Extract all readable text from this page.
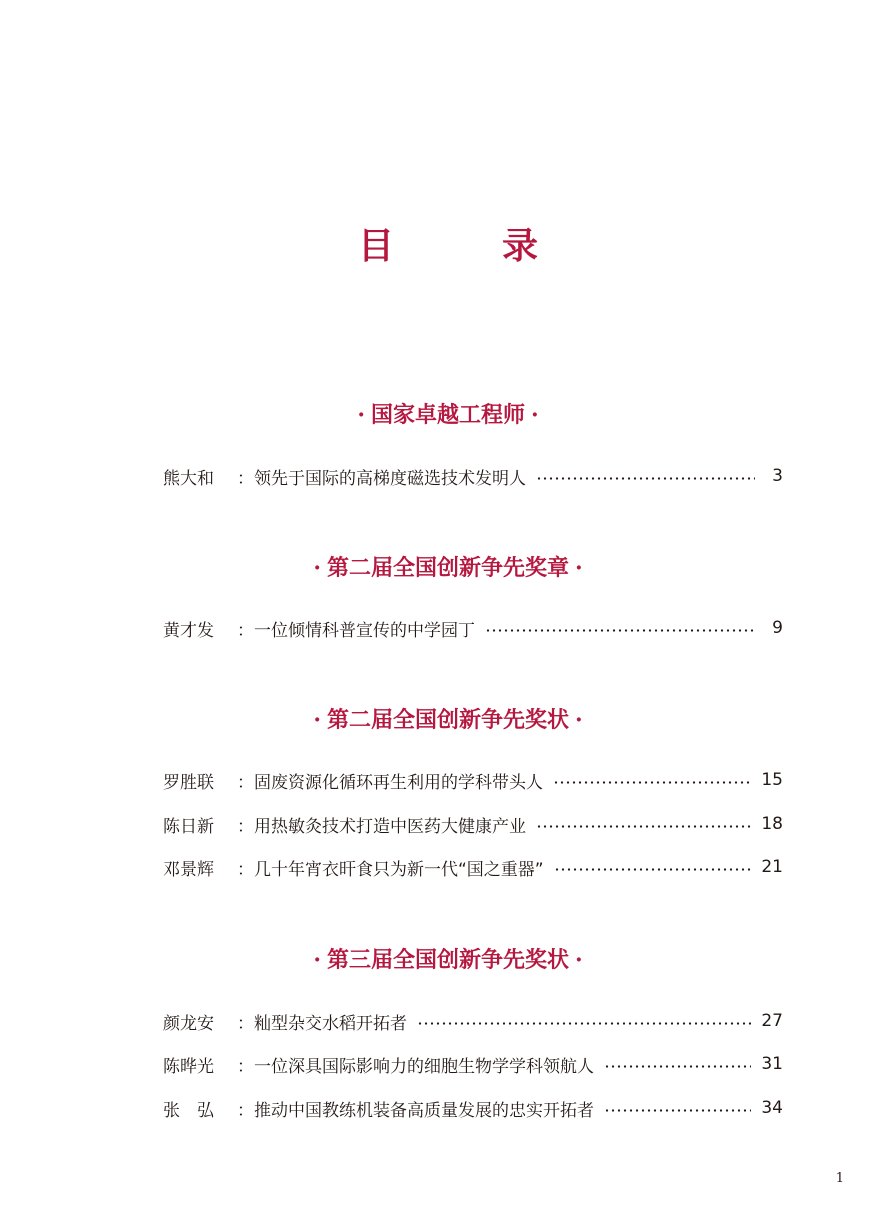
目　录
· 国家卓越工程师 ·
熊大和	： 领先于国际的高梯度磁选技术发明人	3
· 第二届全国创新争先奖章 ·
黄才发	： 一位倾情科普宣传的中学园丁	9
· 第二届全国创新争先奖状 ·
罗胜联	： 固废资源化循环再生利用的学科带头人	15
陈日新	： 用热敏灸技术打造中医药大健康产业	18
邓景辉	： 几十年宵衣旰食只为新一代“国之重器”	21
· 第三届全国创新争先奖状 ·
颜龙安	： 籼型杂交水稻开拓者	27
陈晔光	： 一位深具国际影响力的细胞生物学学科领航人	31
张　弘	： 推动中国教练机装备高质量发展的忠实开拓者	34
1
